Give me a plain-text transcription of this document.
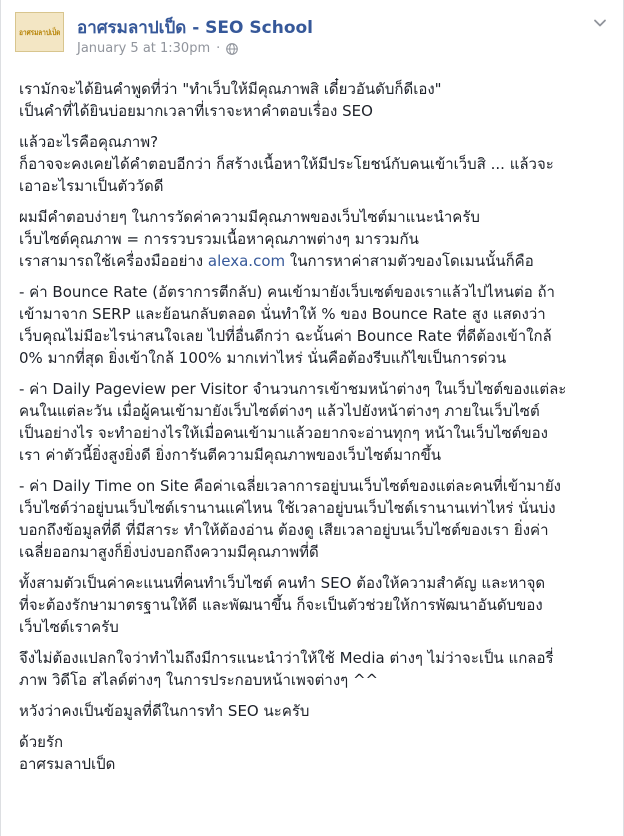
อาศรมลาปเป็ด อาศรมลาปเป็ด - SEO School
January 5 at 1:30pm ·
เรามักจะได้ยินคำพูดที่ว่า "ทำเว็บให้มีคุณภาพสิ เดี๋ยวอันดับก็ดีเอง"
เป็นคำที่ได้ยินบ่อยมากเวลาที่เราจะหาคำตอบเรื่อง SEO
แล้วอะไรคือคุณภาพ?
ก็อาจจะคงเคยได้คำตอบอีกว่า ก็สร้างเนื้อหาให้มีประโยชน์กับคนเข้าเว็บสิ ... แล้วจะ
เอาอะไรมาเป็นตัววัดดี
ผมมีคำตอบง่ายๆ ในการวัดค่าความมีคุณภาพของเว็บไซต์มาแนะนำครับ
เว็บไซต์คุณภาพ = การรวบรวมเนื้อหาคุณภาพต่างๆ มารวมกัน
เราสามารถใช้เครื่องมืออย่าง alexa.com ในการหาค่าสามตัวของโดเมนนั้นก็คือ
- ค่า Bounce Rate (อัตราการตีกลับ) คนเข้ามายังเว็บเซต์ของเราแล้วไปไหนต่อ ถ้า
เข้ามาจาก SERP และย้อนกลับตลอด นั่นทำให้ % ของ Bounce Rate สูง แสดงว่า
เว็บคุณไม่มีอะไรน่าสนใจเลย ไปที่อื่นดีกว่า ฉะนั้นค่า Bounce Rate ที่ดีต้องเข้าใกล้
0% มากที่สุด ยิ่งเข้าใกล้ 100% มากเท่าไหร่ นั่นคือต้องรีบแก้ไขเป็นการด่วน
- ค่า Daily Pageview per Visitor จำนวนการเข้าชมหน้าต่างๆ ในเว็บไซต์ของแต่ละ
คนในแต่ละวัน เมื่อผู้คนเข้ามายังเว็บไซต์ต่างๆ แล้วไปยังหน้าต่างๆ ภายในเว็บไซต์
เป็นอย่างไร จะทำอย่างไรให้เมื่อคนเข้ามาแล้วอยากจะอ่านทุกๆ หน้าในเว็บไซต์ของ
เรา ค่าตัวนี้ยิ่งสูงยิ่งดี ยิ่งการันตีความมีคุณภาพของเว็บไซต์มากขึ้น
- ค่า Daily Time on Site คือค่าเฉลี่ยเวลาการอยู่บนเว็บไซต์ของแต่ละคนที่เข้ามายัง
เว็บไซต์ว่าอยู่บนเว็บไซต์เรานานแค่ไหน ใช้เวลาอยู่บนเว็บไซต์เรานานเท่าไหร่ นั่นบ่ง
บอกถึงข้อมูลที่ดี ที่มีสาระ ทำให้ต้องอ่าน ต้องดู เสียเวลาอยู่บนเว็บไซต์ของเรา ยิ่งค่า
เฉลี่ยออกมาสูงก็ยิ่งบ่งบอกถึงความมีคุณภาพที่ดี
ทั้งสามตัวเป็นค่าคะแนนที่คนทำเว็บไซต์ คนทำ SEO ต้องให้ความสำคัญ และหาจุด
ที่จะต้องรักษามาตรฐานให้ดี และพัฒนาขึ้น ก็จะเป็นตัวช่วยให้การพัฒนาอันดับของ
เว็บไซต์เราครับ
จึงไม่ต้องแปลกใจว่าทำไมถึงมีการแนะนำว่าให้ใช้ Media ต่างๆ ไม่ว่าจะเป็น แกลอรี่
ภาพ วิดีโอ สไลด์ต่างๆ ในการประกอบหน้าเพจต่างๆ ^^
หวังว่าคงเป็นข้อมูลที่ดีในการทำ SEO นะครับ
ด้วยรัก
อาศรมลาปเป็ด
